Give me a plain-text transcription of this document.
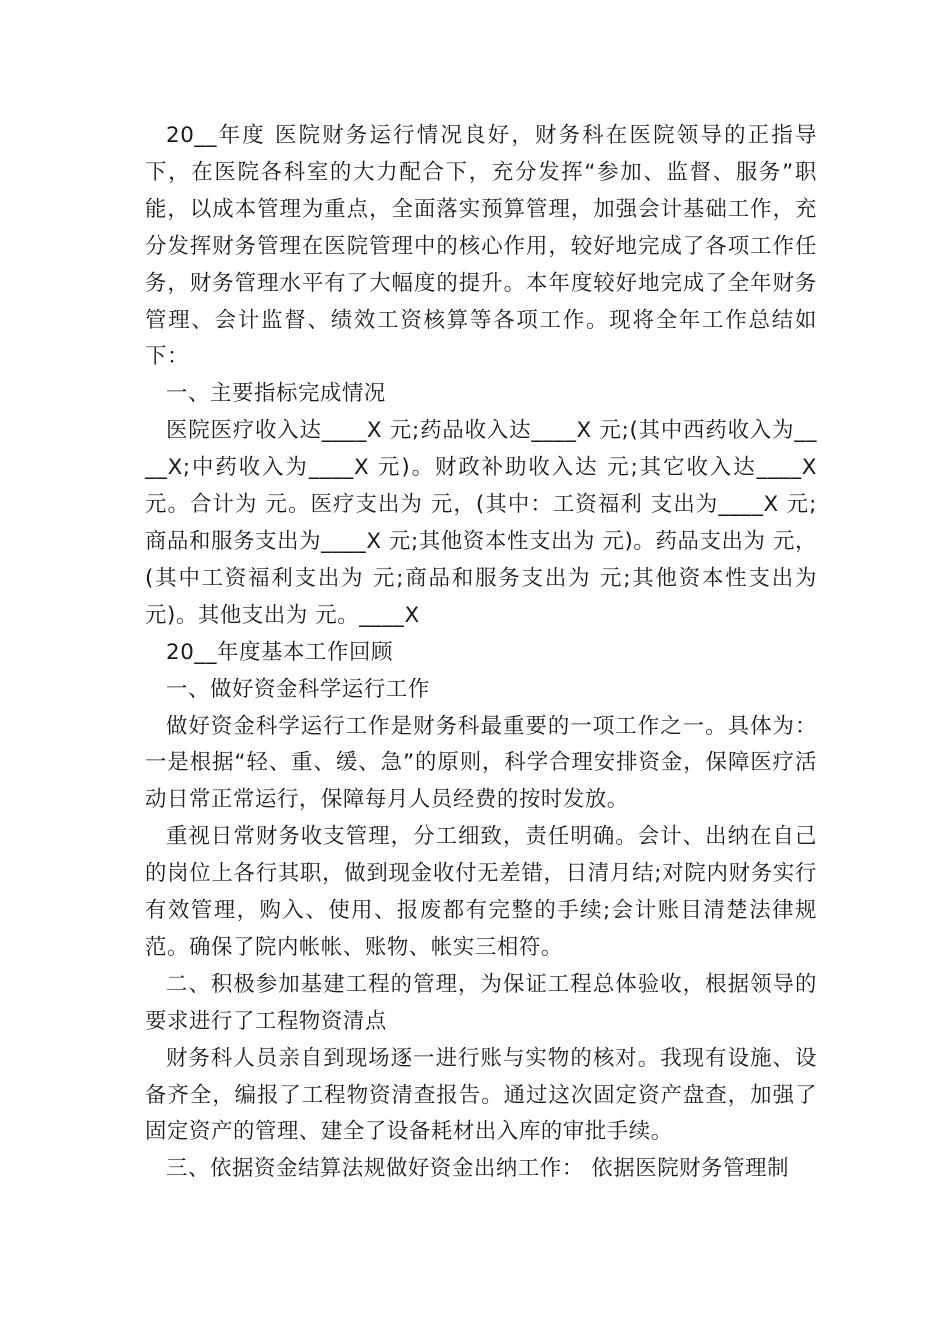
20__年度 医院财务运行情况良好，财务科在医院领导的正指导下，在医院各科室的大力配合下，充分发挥“参加、监督、服务”职能，以成本管理为重点，全面落实预算管理，加强会计基础工作，充分发挥财务管理在医院管理中的核心作用，较好地完成了各项工作任务，财务管理水平有了大幅度的提升。本年度较好地完成了全年财务管理、会计监督、绩效工资核算等各项工作。现将全年工作总结如下：

一、主要指标完成情况

医院医疗收入达____X 元;药品收入达____X 元;(其中西药收入为____X;中药收入为____X 元)。财政补助收入达 元;其它收入达____X 元。合计为 元。医疗支出为 元，(其中：工资福利 支出为____X 元;商品和服务支出为____X 元;其他资本性支出为 元)。药品支出为 元，(其中工资福利支出为 元;商品和服务支出为 元;其他资本性支出为 元)。其他支出为 元。____X

20__年度基本工作回顾

一、做好资金科学运行工作

做好资金科学运行工作是财务科最重要的一项工作之一。具体为：一是根据“轻、重、缓、急”的原则，科学合理安排资金，保障医疗活动日常正常运行，保障每月人员经费的按时发放。

重视日常财务收支管理，分工细致，责任明确。会计、出纳在自己的岗位上各行其职，做到现金收付无差错，日清月结;对院内财务实行有效管理，购入、使用、报废都有完整的手续;会计账目清楚法律规范。确保了院内帐帐、账物、帐实三相符。

二、积极参加基建工程的管理，为保证工程总体验收，根据领导的要求进行了工程物资清点

财务科人员亲自到现场逐一进行账与实物的核对。我现有设施、设备齐全，编报了工程物资清查报告。通过这次固定资产盘查，加强了固定资产的管理、建全了设备耗材出入库的审批手续。

三、依据资金结算法规做好资金出纳工作： 依据医院财务管理制
